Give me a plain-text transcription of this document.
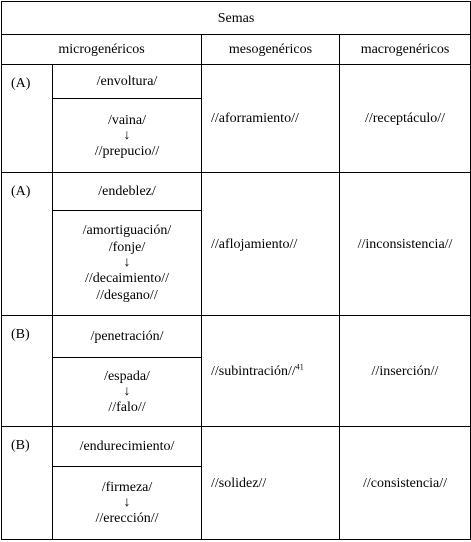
Semas			
microgenéricos		mesogenéricos	macrogenéricos
(A)	/envoltura/	//aforramiento//	//receptáculo//

	/vaina/
↓
//prepucio//		

(A)	/endeblez/	//aflojamiento//	//inconsistencia//

	/amortiguación/
/fonje/
↓
//decaimiento//
//desgano//		

(B)	/penetración/	//subintración//$^{41}$	//inserción//

	/espada/
↓
//falo//		

(B)	/endurecimiento/	//solidez//	//consistencia//

	/firmeza/
↓
//erección//		
